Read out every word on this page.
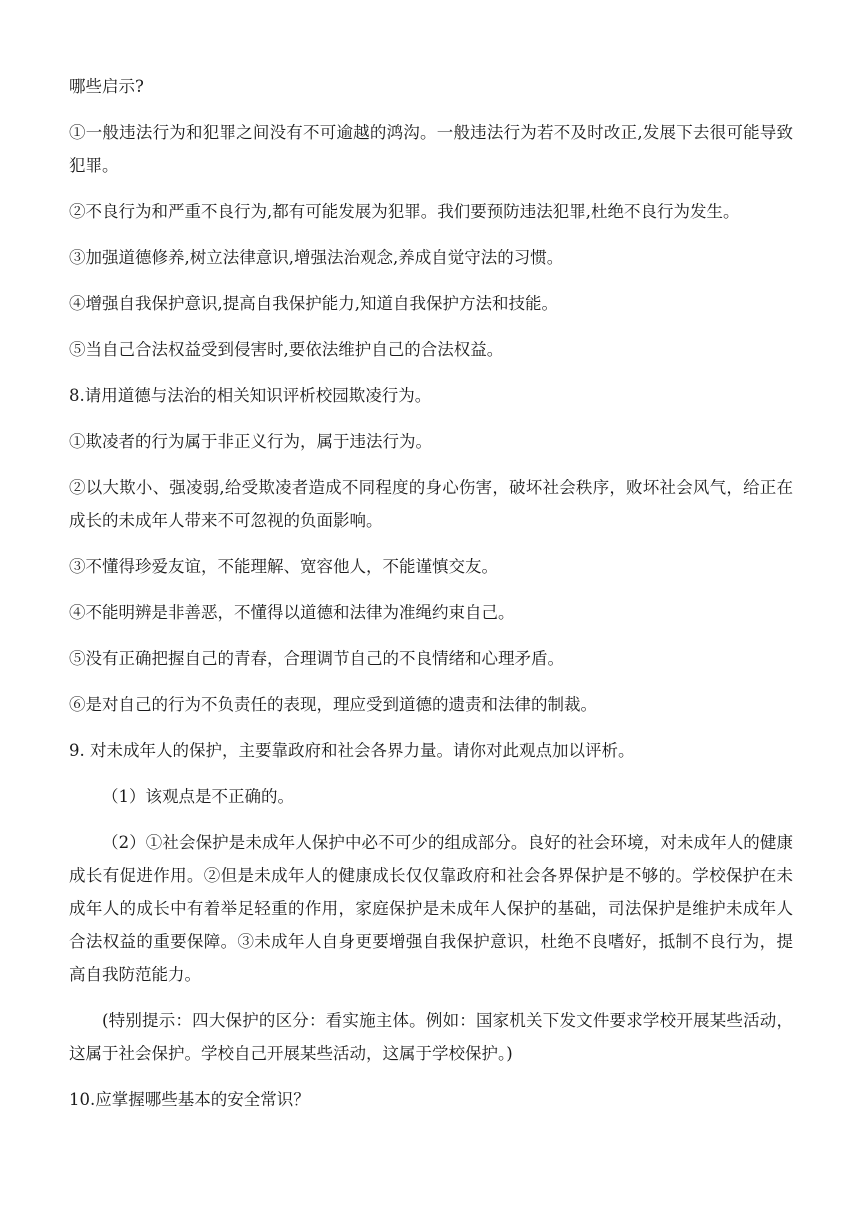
哪些启示?

①一般违法行为和犯罪之间没有不可逾越的鸿沟。一般违法行为若不及时改正,发展下去很可能导致犯罪。

②不良行为和严重不良行为,都有可能发展为犯罪。我们要预防违法犯罪,杜绝不良行为发生。

③加强道德修养,树立法律意识,增强法治观念,养成自觉守法的习惯。

④增强自我保护意识,提高自我保护能力,知道自我保护方法和技能。

⑤当自己合法权益受到侵害时,要依法维护自己的合法权益。

8.请用道德与法治的相关知识评析校园欺凌行为。

①欺凌者的行为属于非正义行为，属于违法行为。

②以大欺小、强凌弱,给受欺凌者造成不同程度的身心伤害，破坏社会秩序，败坏社会风气，给正在成长的未成年人带来不可忽视的负面影响。

③不懂得珍爱友谊，不能理解、宽容他人，不能谨慎交友。

④不能明辨是非善恶，不懂得以道德和法律为准绳约束自己。

⑤没有正确把握自己的青春，合理调节自己的不良情绪和心理矛盾。

⑥是对自己的行为不负责任的表现，理应受到道德的遗责和法律的制裁。

9. 对未成年人的保护，主要靠政府和社会各界力量。请你对此观点加以评析。

（1）该观点是不正确的。

（2）①社会保护是未成年人保护中必不可少的组成部分。良好的社会环境，对未成年人的健康成长有促进作用。②但是未成年人的健康成长仅仅靠政府和社会各界保护是不够的。学校保护在未成年人的成长中有着举足轻重的作用，家庭保护是未成年人保护的基础，司法保护是维护未成年人合法权益的重要保障。③未成年人自身更要增强自我保护意识，杜绝不良嗜好，抵制不良行为，提高自我防范能力。

(特别提示：四大保护的区分：看实施主体。例如：国家机关下发文件要求学校开展某些活动，这属于社会保护。学校自己开展某些活动，这属于学校保护。)

10.应掌握哪些基本的安全常识？
